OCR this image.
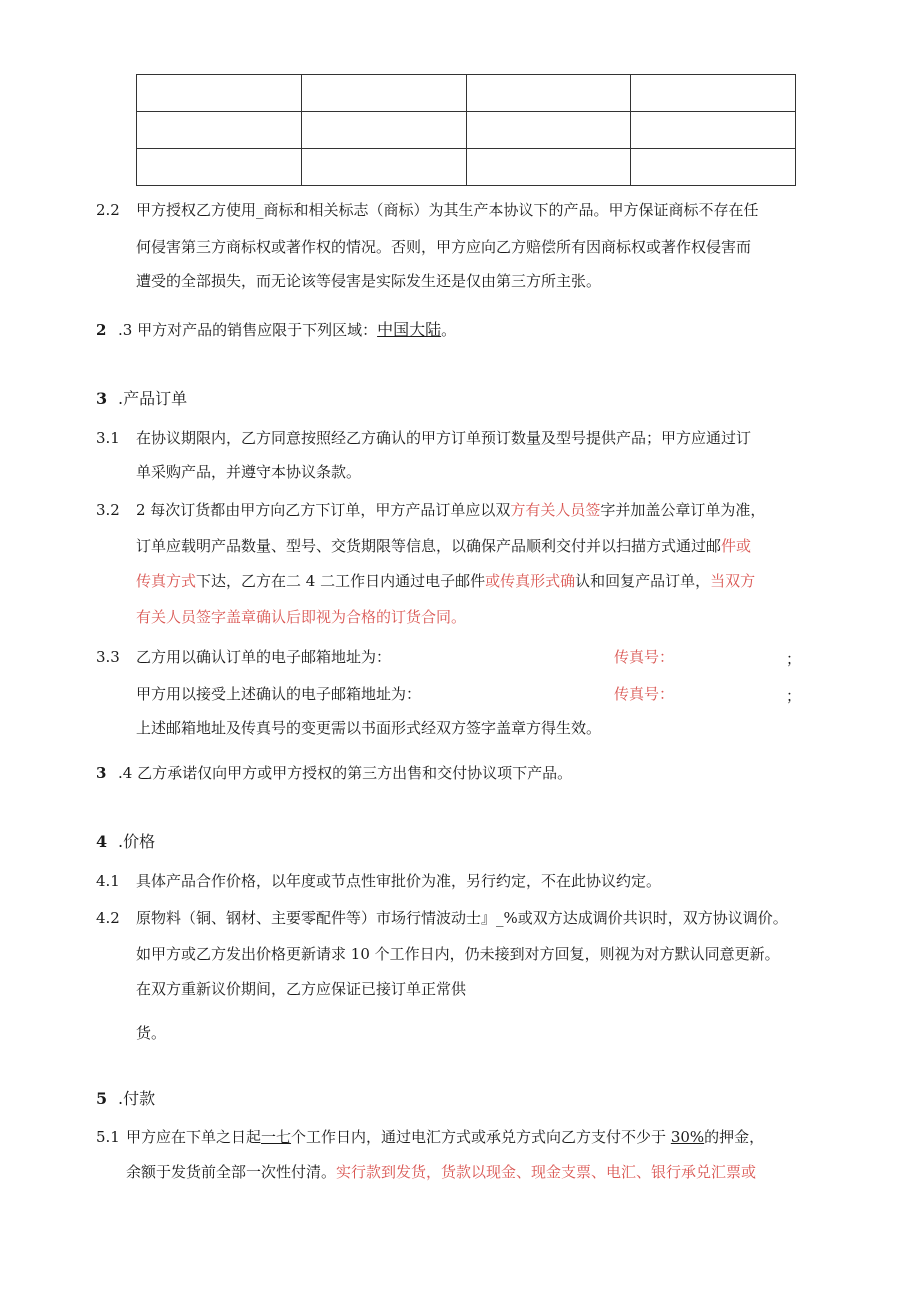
2.2 甲方授权乙方使用_商标和相关标志（商标）为其生产本协议下的产品。甲方保证商标不存在任
何侵害第三方商标权或著作权的情况。否则，甲方应向乙方赔偿所有因商标权或著作权侵害而
遭受的全部损失，而无论该等侵害是实际发生还是仅由第三方所主张。
2 .3 甲方对产品的销售应限于下列区域：中国大陆。
3 .产品订单
3.1 在协议期限内，乙方同意按照经乙方确认的甲方订单预订数量及型号提供产品；甲方应通过订
单采购产品，并遵守本协议条款。
3.2 2 每次订货都由甲方向乙方下订单，甲方产品订单应以双方有关人员签字并加盖公章订单为准，
订单应载明产品数量、型号、交货期限等信息，以确保产品顺利交付并以扫描方式通过邮件或
传真方式下达，乙方在二 4 二工作日内通过电子邮件或传真形式确认和回复产品订单，当双方
有关人员签字盖章确认后即视为合格的订货合同。
3.3 乙方用以确认订单的电子邮箱地址为：	传真号：	；
甲方用以接受上述确认的电子邮箱地址为：	传真号：	；
上述邮箱地址及传真号的变更需以书面形式经双方签字盖章方得生效。
3 .4 乙方承诺仅向甲方或甲方授权的第三方出售和交付协议项下产品。
4 .价格
4.1 具体产品合作价格，以年度或节点性审批价为准，另行约定，不在此协议约定。
4.2 原物料（铜、钢材、主要零配件等）市场行情波动士』_%或双方达成调价共识时，双方协议调价。
如甲方或乙方发出价格更新请求 10 个工作日内，仍未接到对方回复，则视为对方默认同意更新。
在双方重新议价期间，乙方应保证已接订单正常供
货。
5 .付款
5.1 甲方应在下单之日起一七个工作日内，通过电汇方式或承兑方式向乙方支付不少于 30%的押金，
余额于发货前全部一次性付清。实行款到发货，货款以现金、现金支票、电汇、银行承兑汇票或
